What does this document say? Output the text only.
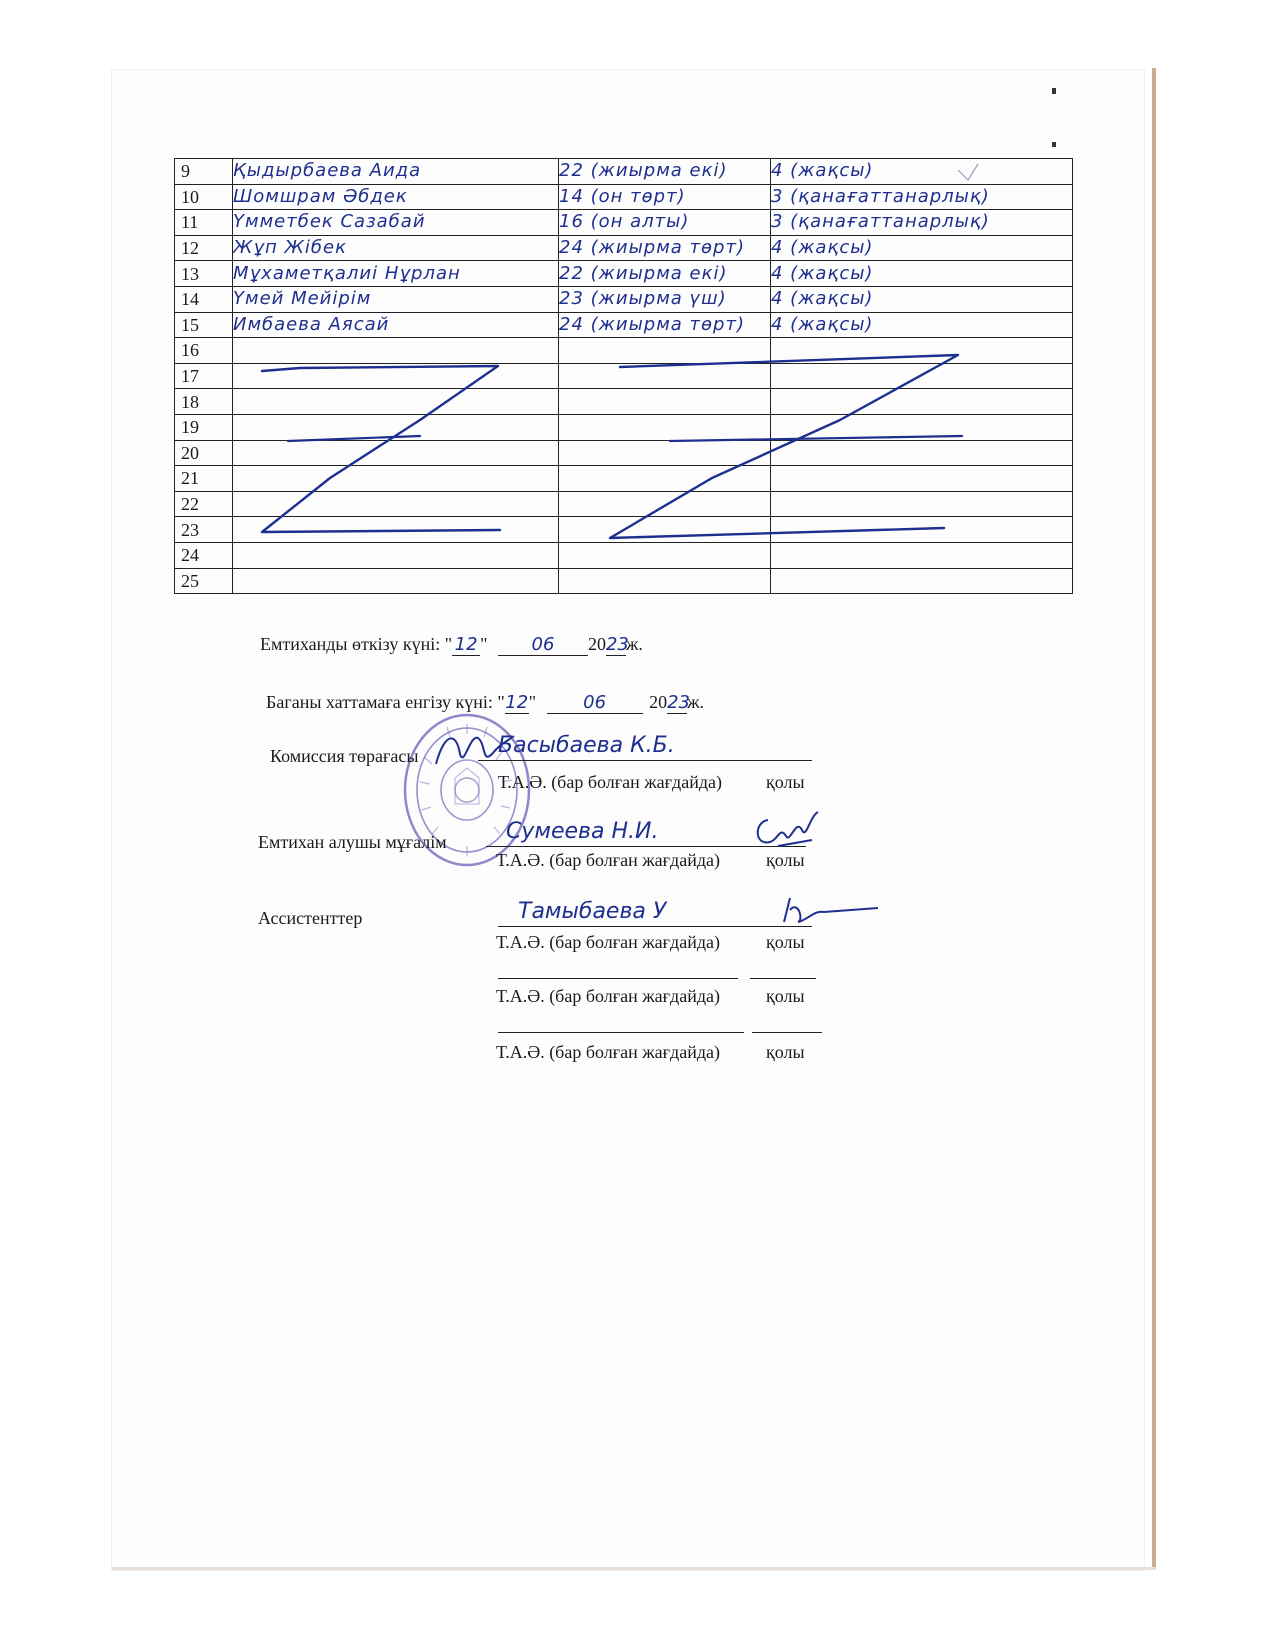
9	Қыдырбаева Аида	22 (жиырма екі)	4 (жақсы)
10	Шомшрам Әбдек	14 (он төрт)	3 (қанағаттанарлық)
11	Үмметбек Сазабай	16 (он алты)	3 (қанағаттанарлық)
12	Жұп Жібек	24 (жиырма төрт)	4 (жақсы)
13	Мұхаметқалиі Нұрлан	22 (жиырма екі)	4 (жақсы)
14	Үмей Мейірім	23 (жиырма үш)	4 (жақсы)
15	Имбаева Аясай	24 (жиырма төрт)	4 (жақсы)
16			
17			
18			
19			
20			
21			
22			
23			
24			
25			
Емтиханды өткізу күні: " 12 " 06 2023ж.
Баганы хаттамаға енгізу күні: "12"	06 2023ж.
Комиссия төрағасы	Басыбаева К.Б.
Т.А.Ә. (бар болған жағдайда) қолы
Емтихан алушы мұғалім	Сумеева Н.И.
Т.А.Ә. (бар болған жағдайда)	қолы
Ассистенттер	Тамыбаева У
Т.А.Ә. (бар болған жағдайда)	қолы
Т.А.Ә. (бар болған жағдайда)	қолы
Т.А.Ә. (бар болған жағдайда)	қолы
